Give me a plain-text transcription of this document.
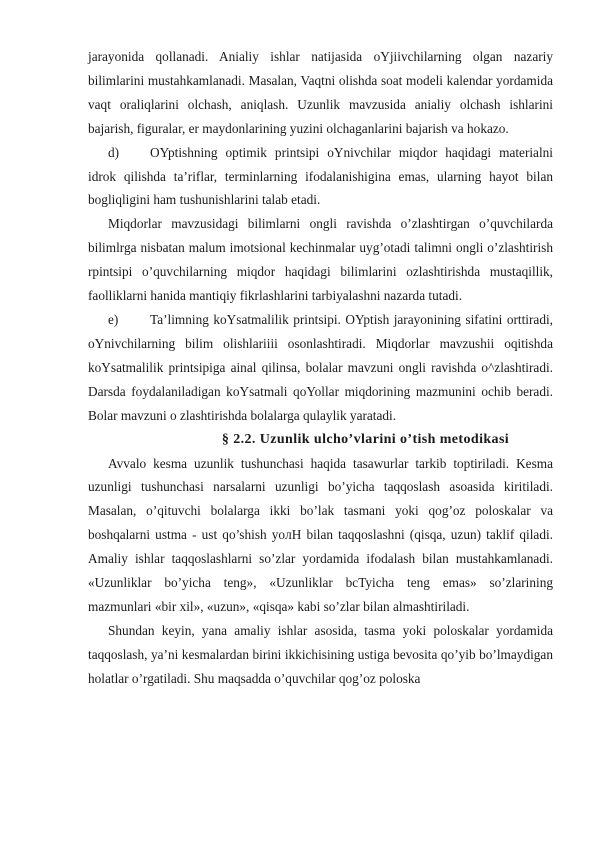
jarayonida qollanadi. Anialiy ishlar natijasida oYjiivchilarning olgan nazariy bilimlarini mustahkamlanadi. Masalan, Vaqtni olishda soat modeli kalendar yordamida vaqt oraliqlarini olchash, aniqlash. Uzunlik mavzusida anialiy olchash ishlarini bajarish, figuralar, er maydonlarining yuzini olchaganlarini bajarish va hokazo.

d) OYptishning optimik printsipi oYnivchilar miqdor haqidagi materialni idrok qilishda ta’riflar, terminlarning ifodalanishigina emas, ularning hayot bilan bogliqligini ham tushunishlarini talab etadi.

Miqdorlar mavzusidagi bilimlarni ongli ravishda o’zlashtirgan o’quvchilarda bilimlrga nisbatan malum imotsional kechinmalar uyg’otadi talimni ongli o’zlashtirish rpintsipi o’quvchilarning miqdor haqidagi bilimlarini ozlashtirishda mustaqillik, faolliklarni hanida mantiqiy fikrlashlarini tarbiyalashni nazarda tutadi.

e) Ta’limning koYsatmalilik printsipi. OYptish jarayonining sifatini orttiradi, oYnivchilarning bilim olishlariiii osonlashtiradi. Miqdorlar mavzushii oqitishda koYsatmalilik printsipiga ainal qilinsa, bolalar mavzuni ongli ravishda o^zlashtiradi. Darsda foydalaniladigan koYsatmali qoYollar miqdorining mazmunini ochib beradi. Bolar mavzuni o zlashtirishda bolalarga qulaylik yaratadi.

§ 2.2. Uzunlik ulcho’vlarini o’tish metodikasi

Avvalo kesma uzunlik tushunchasi haqida tasawurlar tarkib toptiriladi. Kesma uzunligi tushunchasi narsalarni uzunligi bo’yicha taqqoslash asoasida kiritiladi. Masalan, o’qituvchi bolalarga ikki bo’lak tasmani yoki qog’oz poloskalar va boshqalarni ustma - ust qo’shish yoлН bilan taqqoslashni (qisqa, uzun) taklif qiladi. Amaliy ishlar taqqoslashlarni so’zlar yordamida ifodalash bilan mustahkamlanadi. «Uzunliklar bo’yicha teng», «Uzunliklar bcTyicha teng emas» so’zlarining mazmunlari «bir xil», «uzun», «qisqa» kabi so’zlar bilan almashtiriladi.

Shundan keyin, yana amaliy ishlar asosida, tasma yoki poloskalar yordamida taqqoslash, ya’ni kesmalardan birini ikkichisining ustiga bevosita qo’yib bo’lmaydigan holatlar o’rgatiladi. Shu maqsadda o’quvchilar qog’oz poloska
